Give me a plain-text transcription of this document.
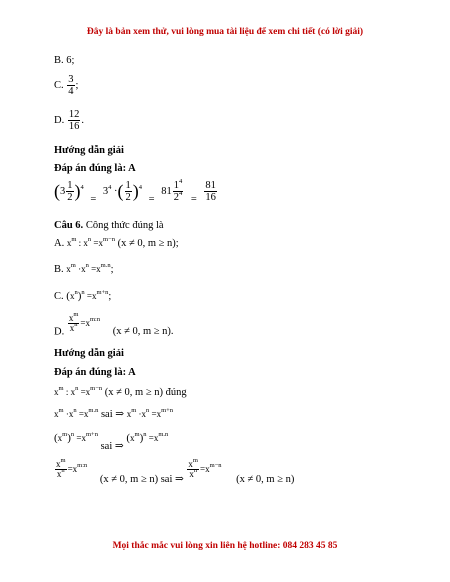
Đây là bản xem thử, vui lòng mua tài liệu để xem chi tiết (có lời giải)
B. 6;
C. $\frac{3}{4}$ ;
D. $\frac{12}{16}$ .
Hướng dẫn giải
Đáp án đúng là: A
$(3 \frac{1}{2} )^4 = 3^4$ ·( $\frac{1}{2} )^4 = 81 \frac{1^4}{2^4} = \frac{81}{16}$
Câu 6. Công thức đúng là
A. $x^m$ : $x^n =x^{m-n}$ (x ≠ 0, m ≥ n);
B. $x^m \cdot x^n =x^{m.n}$;
C. $(x^n)^n =x^{m+n}$;
D. $\frac{x^m}{x^n} =x^{m:n}$ (x ≠ 0, m ≥ n).
Hướng dẫn giải
Đáp án đúng là: A
$x^m$ : $x^n =x^{m-n}$ (x ≠ 0, m ≥ n) đúng
$x^m \cdot x^n =x^{m.n}$ sai ⇒ $x^m \cdot x^n =x^{m+n}$
$(x^m)^n =x^{m+n}$ sai ⇒ $(x^m)^n =x^{m.n}$
$\frac{x^m}{x^n} =x^{m:n}$ (x ≠ 0, m ≥ n) sai ⇒ $\frac{x^m}{x^n} =x^{m-n}$ (x ≠ 0, m ≥ n)
Mọi thắc mắc vui lòng xin liên hệ hotline: 084 283 45 85
